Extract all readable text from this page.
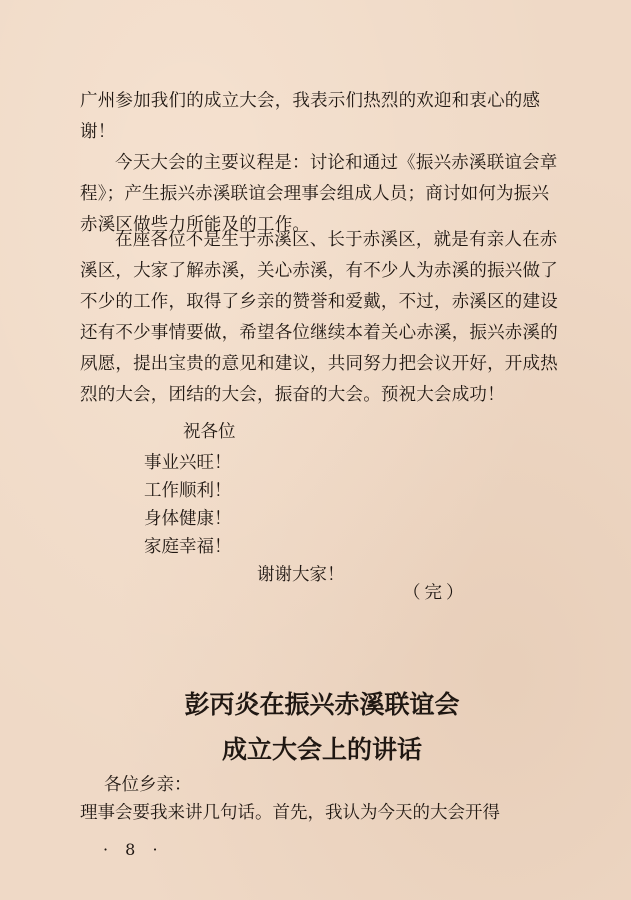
广州参加我们的成立大会，我表示们热烈的欢迎和衷心的感谢！

今天大会的主要议程是：讨论和通过《振兴赤溪联谊会章程》；产生振兴赤溪联谊会理事会组成人员；商讨如何为振兴赤溪区做些力所能及的工作。

在座各位不是生于赤溪区、长于赤溪区，就是有亲人在赤溪区，大家了解赤溪，关心赤溪，有不少人为赤溪的振兴做了不少的工作，取得了乡亲的赞誉和爱戴，不过，赤溪区的建设还有不少事情要做，希望各位继续本着关心赤溪，振兴赤溪的夙愿，提出宝贵的意见和建议，共同努力把会议开好，开成热烈的大会，团结的大会，振奋的大会。预祝大会成功！

祝各位

事业兴旺！

工作顺利！

身体健康！

家庭幸福！

谢谢大家！

（完）

彭丙炎在振兴赤溪联谊会
成立大会上的讲话

各位乡亲：

理事会要我来讲几句话。首先，我认为今天的大会开得

· 8 ·
